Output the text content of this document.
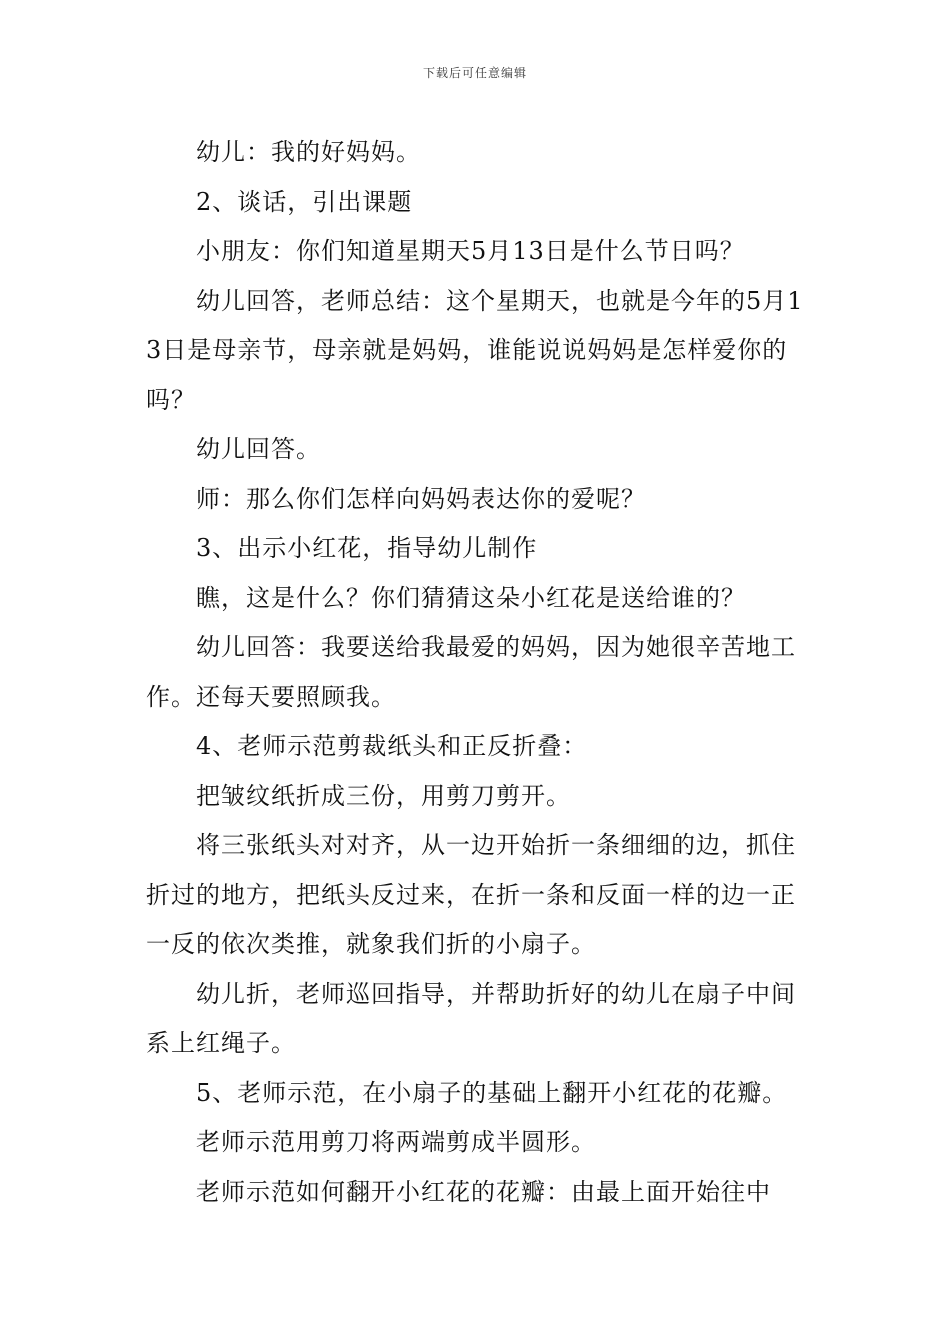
下载后可任意编辑

幼儿：我的好妈妈。

2、谈话，引出课题

小朋友：你们知道星期天5月13日是什么节日吗？

幼儿回答，老师总结：这个星期天，也就是今年的5月13日是母亲节，母亲就是妈妈，谁能说说妈妈是怎样爱你的吗？

幼儿回答。

师：那么你们怎样向妈妈表达你的爱呢？

3、出示小红花，指导幼儿制作

瞧，这是什么？你们猜猜这朵小红花是送给谁的？

幼儿回答：我要送给我最爱的妈妈，因为她很辛苦地工作。还每天要照顾我。

4、老师示范剪裁纸头和正反折叠：

把皱纹纸折成三份，用剪刀剪开。

将三张纸头对对齐，从一边开始折一条细细的边，抓住折过的地方，把纸头反过来，在折一条和反面一样的边一正一反的依次类推，就象我们折的小扇子。

幼儿折，老师巡回指导，并帮助折好的幼儿在扇子中间系上红绳子。

5、老师示范，在小扇子的基础上翻开小红花的花瓣。

老师示范用剪刀将两端剪成半圆形。

老师示范如何翻开小红花的花瓣：由最上面开始往中
